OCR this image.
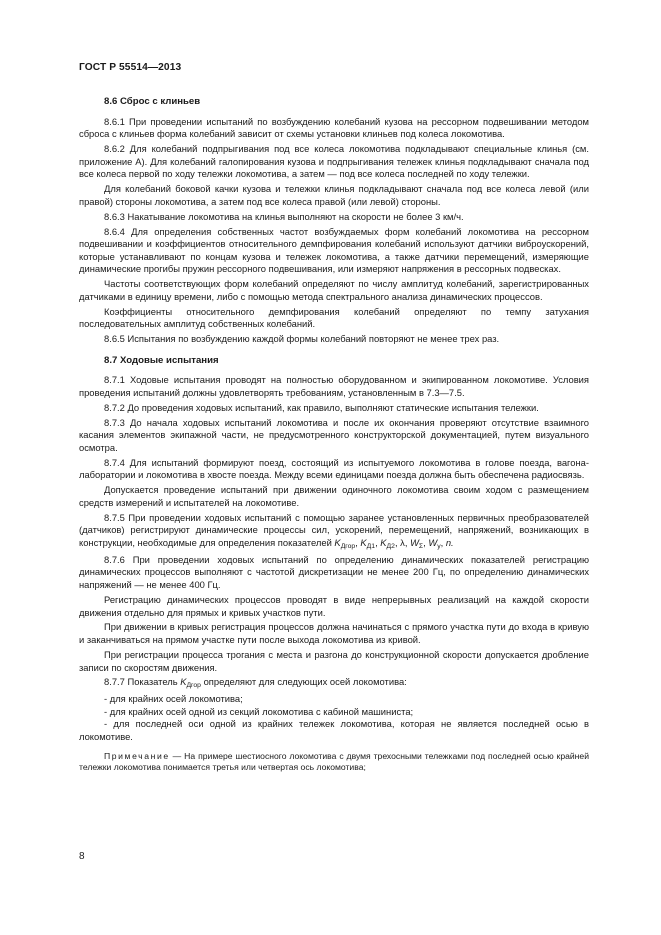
ГОСТ Р 55514—2013
8.6 Сброс с клиньев

8.6.1 При проведении испытаний по возбуждению колебаний кузова на рессорном подвешивании методом сброса с клиньев форма колебаний зависит от схемы установки клиньев под колеса локомотива.

8.6.2 Для колебаний подпрыгивания под все колеса локомотива подкладывают специальные клинья (см. приложение А). Для колебаний галопирования кузова и подпрыгивания тележек клинья подкладывают сначала под все колеса первой по ходу тележки локомотива, а затем — под все колеса последней по ходу тележки.

Для колебаний боковой качки кузова и тележки клинья подкладывают сначала под все колеса левой (или правой) стороны локомотива, а затем под все колеса правой (или левой) стороны.

8.6.3 Накатывание локомотива на клинья выполняют на скорости не более 3 км/ч.

8.6.4 Для определения собственных частот возбуждаемых форм колебаний локомотива на рессорном подвешивании и коэффициентов относительного демпфирования колебаний используют датчики виброускорений, которые устанавливают по концам кузова и тележек локомотива, а также датчики перемещений, измеряющие динамические прогибы пружин рессорного подвешивания, или измеряют напряжения в рессорных подвесках.

Частоты соответствующих форм колебаний определяют по числу амплитуд колебаний, зарегистрированных датчиками в единицу времени, либо с помощью метода спектрального анализа динамических процессов.

Коэффициенты относительного демпфирования колебаний определяют по темпу затухания последовательных амплитуд собственных колебаний.

8.6.5 Испытания по возбуждению каждой формы колебаний повторяют не менее трех раз.

8.7 Ходовые испытания

8.7.1 Ходовые испытания проводят на полностью оборудованном и экипированном локомотиве. Условия проведения испытаний должны удовлетворять требованиям, установленным в 7.3—7.5.

8.7.2 До проведения ходовых испытаний, как правило, выполняют статические испытания тележки.

8.7.3 До начала ходовых испытаний локомотива и после их окончания проверяют отсутствие взаимного касания элементов экипажной части, не предусмотренного конструкторской документацией, путем визуального осмотра.

8.7.4 Для испытаний формируют поезд, состоящий из испытуемого локомотива в голове поезда, вагона-лаборатории и локомотива в хвосте поезда. Между всеми единицами поезда должна быть обеспечена радиосвязь.

Допускается проведение испытаний при движении одиночного локомотива своим ходом с размещением средств измерений и испытателей на локомотиве.

8.7.5 При проведении ходовых испытаний с помощью заранее установленных первичных преобразователей (датчиков) регистрируют динамические процессы сил, ускорений, перемещений, напряжений, возникающих в конструкции, необходимые для определения показателей $K_{Дгор}$, $K_{Д1}$, $K_{Д2}$, λ, $W_\Sigma$, $W_y$, n.

8.7.6 При проведении ходовых испытаний по определению динамических показателей регистрацию динамических процессов выполняют с частотой дискретизации не менее 200 Гц, по определению динамических напряжений — не менее 400 Гц.

Регистрацию динамических процессов проводят в виде непрерывных реализаций на каждой скорости движения отдельно для прямых и кривых участков пути.

При движении в кривых регистрация процессов должна начинаться с прямого участка пути до входа в кривую и заканчиваться на прямом участке пути после выхода локомотива из кривой.

При регистрации процесса трогания с места и разгона до конструкционной скорости допускается дробление записи по скоростям движения.

8.7.7 Показатель $K_{Дгор}$ определяют для следующих осей локомотива:

- для крайних осей локомотива;
- для крайних осей одной из секций локомотива с кабиной машиниста;
- для последней оси одной из крайних тележек локомотива, которая не является последней осью в локомотиве.

Примечание — На примере шестиосного локомотива с двумя трехосными тележками под последней осью крайней тележки локомотива понимается третья или четвертая ось локомотива;

8
